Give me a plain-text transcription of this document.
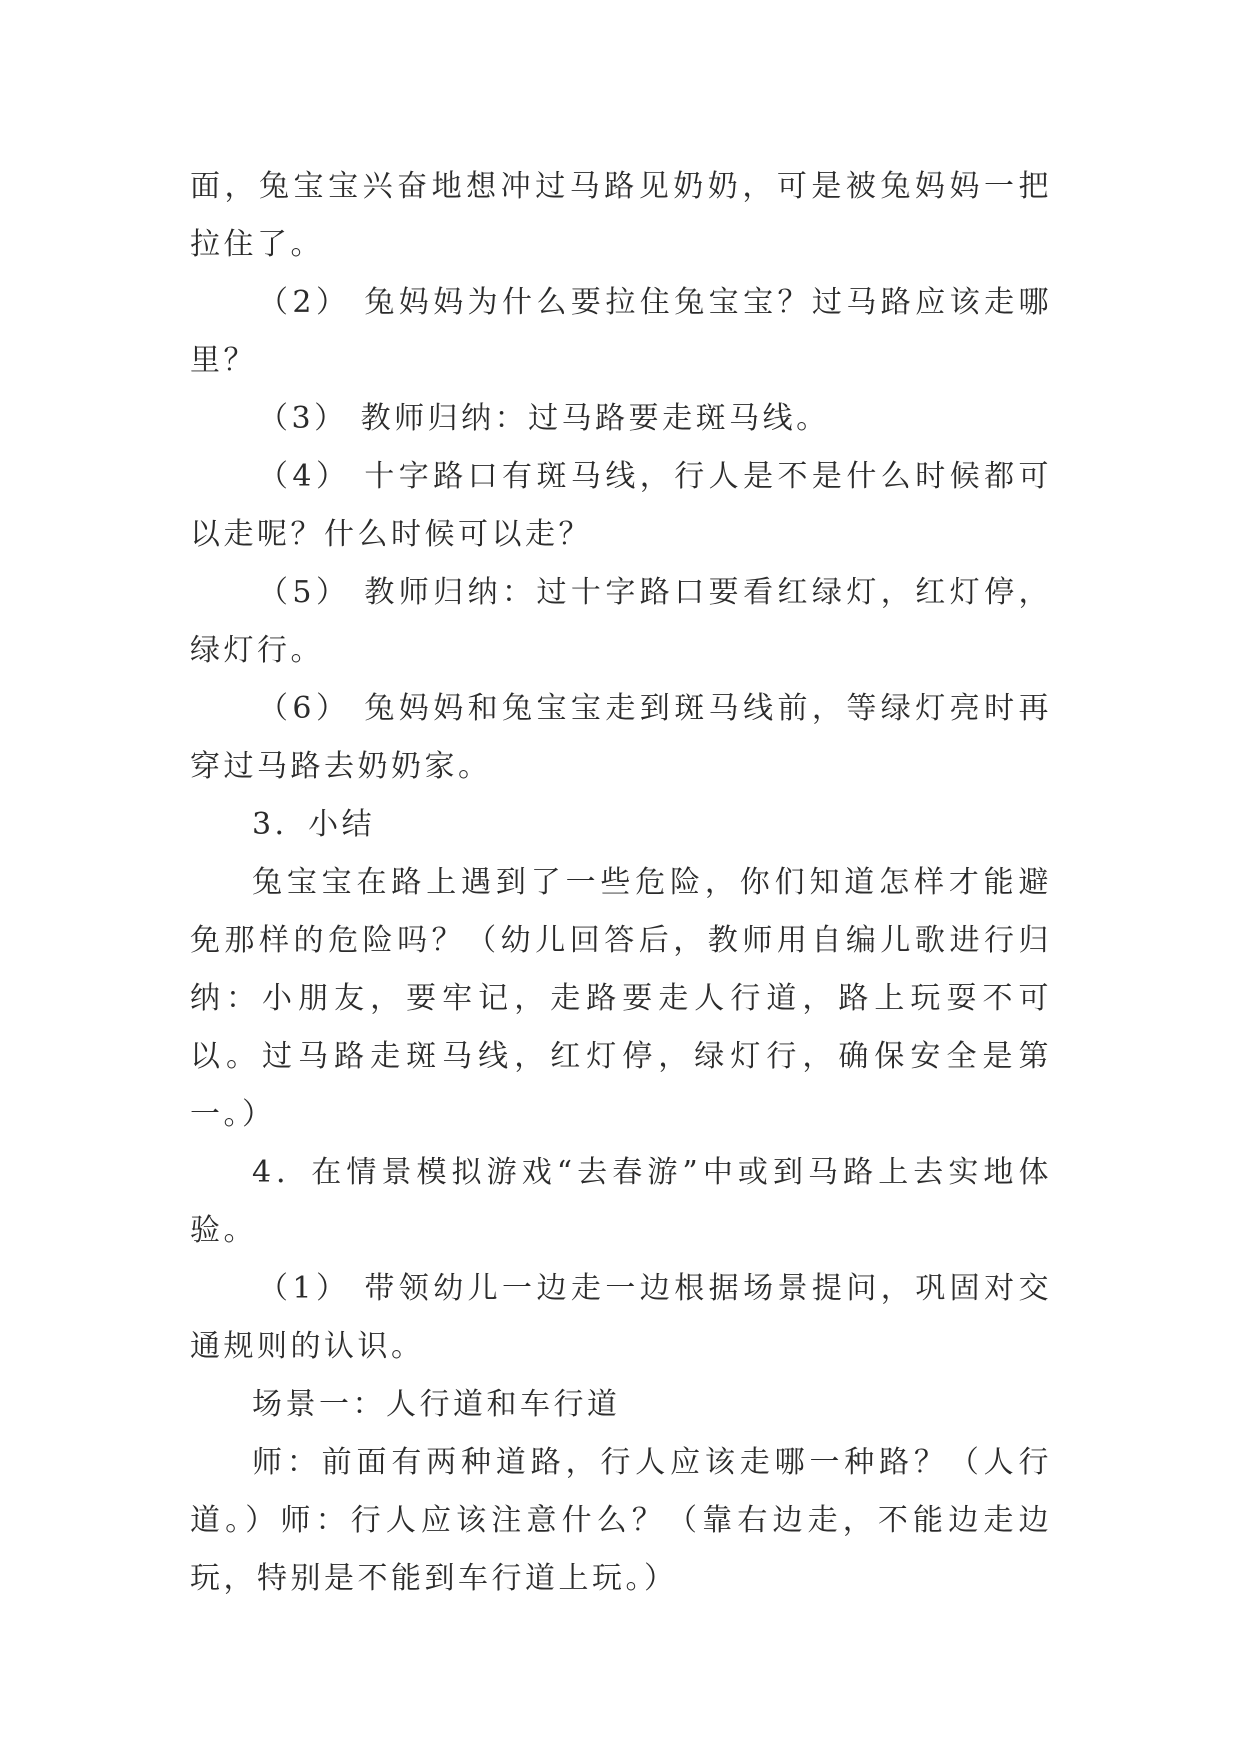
面，兔宝宝兴奋地想冲过马路见奶奶，可是被兔妈妈一把拉住了。

（2） 兔妈妈为什么要拉住兔宝宝？过马路应该走哪里？

（3） 教师归纳：过马路要走斑马线。

（4） 十字路口有斑马线，行人是不是什么时候都可以走呢？什么时候可以走？

（5） 教师归纳：过十字路口要看红绿灯，红灯停，绿灯行。

（6） 兔妈妈和兔宝宝走到斑马线前，等绿灯亮时再穿过马路去奶奶家。

3．小结

兔宝宝在路上遇到了一些危险，你们知道怎样才能避免那样的危险吗？（幼儿回答后，教师用自编儿歌进行归纳：小朋友，要牢记，走路要走人行道，路上玩耍不可以。过马路走斑马线，红灯停，绿灯行，确保安全是第一。）

4．在情景模拟游戏“去春游”中或到马路上去实地体验。

（1） 带领幼儿一边走一边根据场景提问，巩固对交通规则的认识。

场景一：人行道和车行道

师：前面有两种道路，行人应该走哪一种路？（人行道。）师：行人应该注意什么？（靠右边走，不能边走边玩，特别是不能到车行道上玩。）
